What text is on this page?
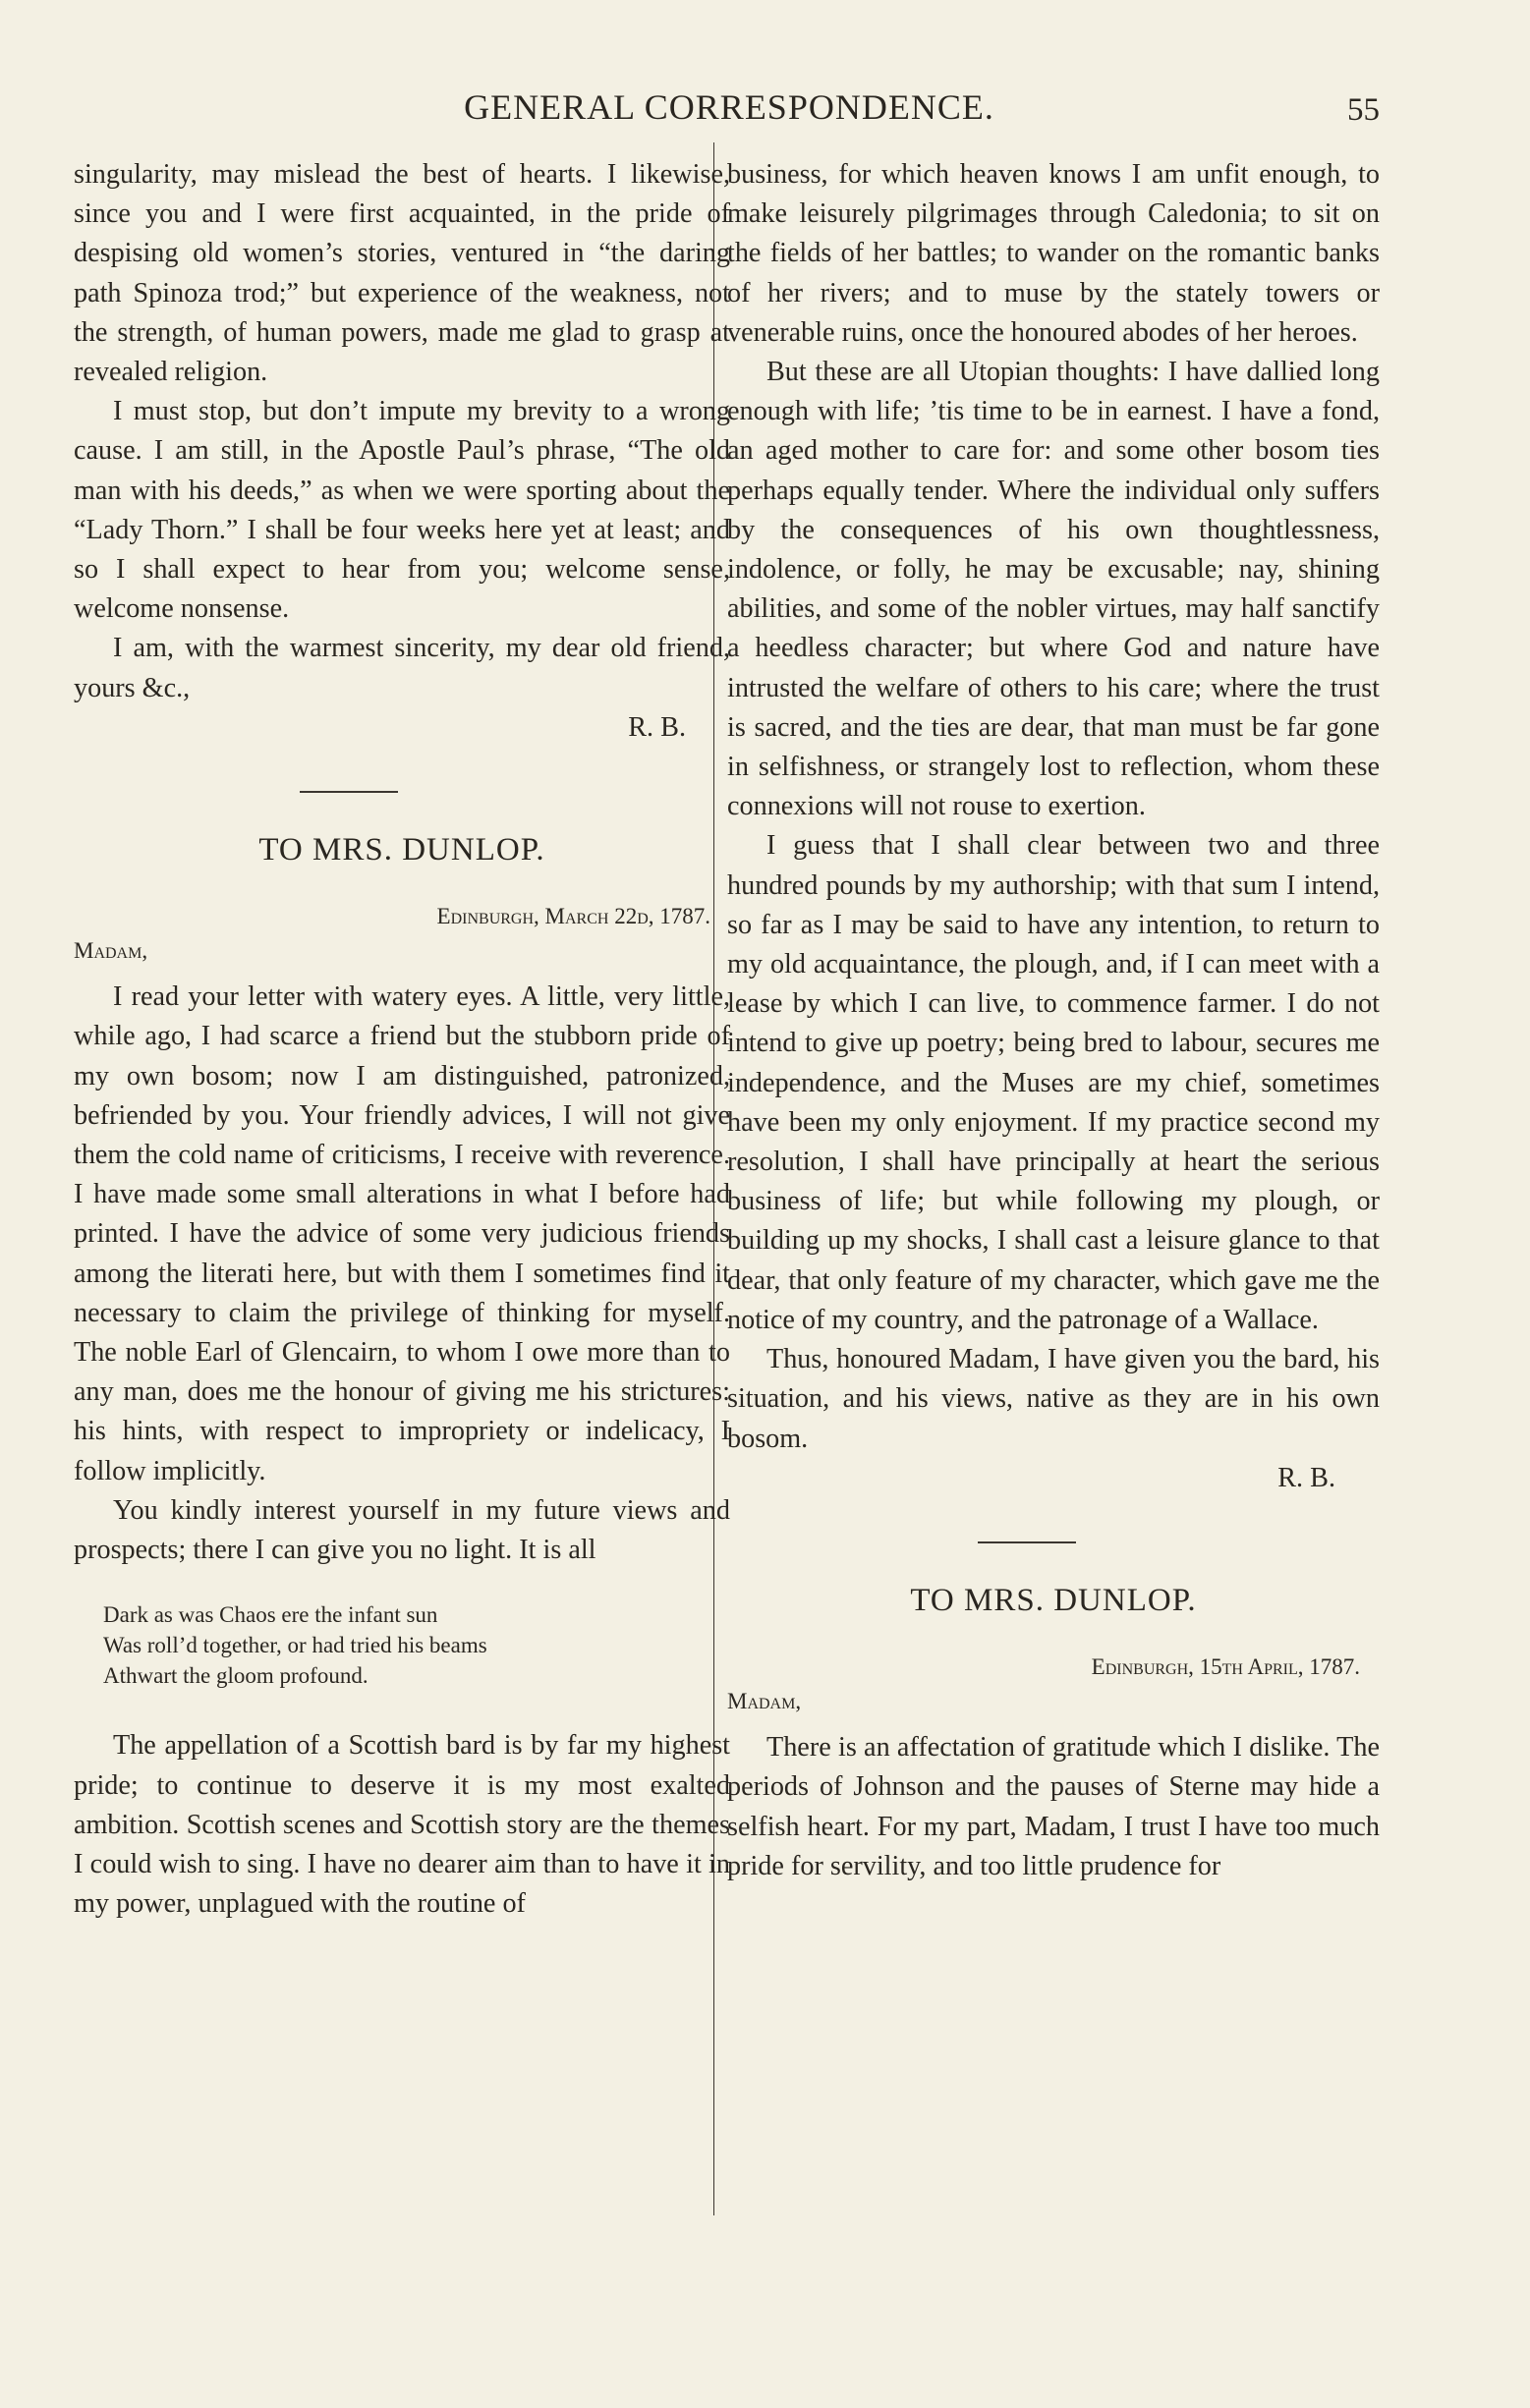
GENERAL CORRESPONDENCE.	55

singularity, may mislead the best of hearts. I likewise, since you and I were first acquainted, in the pride of despising old women’s stories, ventured in “the daring path Spinoza trod;” but experience of the weakness, not the strength, of human powers, made me glad to grasp at revealed religion.

I must stop, but don’t impute my brevity to a wrong cause. I am still, in the Apostle Paul’s phrase, “The old man with his deeds,” as when we were sporting about the “Lady Thorn.” I shall be four weeks here yet at least; and so I shall expect to hear from you; welcome sense, welcome nonsense.

I am, with the warmest sincerity, my dear old friend, yours &c.,

R. B.
TO MRS. DUNLOP.
Edinburgh, March 22d, 1787.
Madam,

I read your letter with watery eyes. A little, very little, while ago, I had scarce a friend but the stubborn pride of my own bosom; now I am distinguished, patronized, befriended by you. Your friendly advices, I will not give them the cold name of criticisms, I receive with reverence. I have made some small alterations in what I before had printed. I have the advice of some very judicious friends among the literati here, but with them I sometimes find it necessary to claim the privilege of thinking for myself. The noble Earl of Glencairn, to whom I owe more than to any man, does me the honour of giving me his strictures: his hints, with respect to impropriety or indelicacy, I follow implicitly.

You kindly interest yourself in my future views and prospects; there I can give you no light. It is all

Dark as was Chaos ere the infant sun
Was roll’d together, or had tried his beams
Athwart the gloom profound.

The appellation of a Scottish bard is by far my highest pride; to continue to deserve it is my most exalted ambition. Scottish scenes and Scottish story are the themes I could wish to sing. I have no dearer aim than to have it in my power, unplagued with the routine of

business, for which heaven knows I am unfit enough, to make leisurely pilgrimages through Caledonia; to sit on the fields of her battles; to wander on the romantic banks of her rivers; and to muse by the stately towers or venerable ruins, once the honoured abodes of her heroes.

But these are all Utopian thoughts: I have dallied long enough with life; ’tis time to be in earnest. I have a fond, an aged mother to care for: and some other bosom ties perhaps equally tender. Where the individual only suffers by the consequences of his own thoughtlessness, indolence, or folly, he may be excusable; nay, shining abilities, and some of the nobler virtues, may half sanctify a heedless character; but where God and nature have intrusted the welfare of others to his care; where the trust is sacred, and the ties are dear, that man must be far gone in selfishness, or strangely lost to reflection, whom these connexions will not rouse to exertion.

I guess that I shall clear between two and three hundred pounds by my authorship; with that sum I intend, so far as I may be said to have any intention, to return to my old acquaintance, the plough, and, if I can meet with a lease by which I can live, to commence farmer. I do not intend to give up poetry; being bred to labour, secures me independence, and the Muses are my chief, sometimes have been my only enjoyment. If my practice second my resolution, I shall have principally at heart the serious business of life; but while following my plough, or building up my shocks, I shall cast a leisure glance to that dear, that only feature of my character, which gave me the notice of my country, and the patronage of a Wallace.

Thus, honoured Madam, I have given you the bard, his situation, and his views, native as they are in his own bosom.

R. B.
TO MRS. DUNLOP.
Edinburgh, 15th April, 1787.
Madam,

There is an affectation of gratitude which I dislike. The periods of Johnson and the pauses of Sterne may hide a selfish heart. For my part, Madam, I trust I have too much pride for servility, and too little prudence for
